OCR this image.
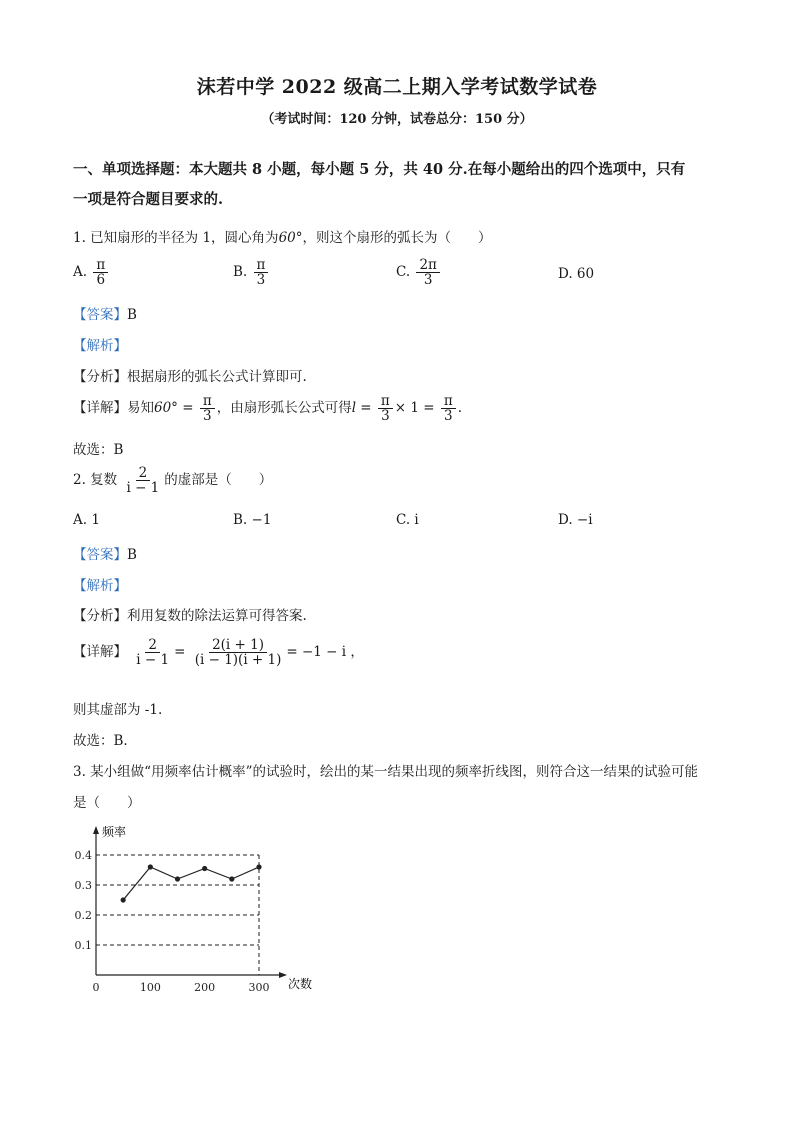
沫若中学 2022 级高二上期入学考试数学试卷
（考试时间：120 分钟，试卷总分：150 分）
一、单项选择题：本大题共 8 小题，每小题 5 分，共 40 分.在每小题给出的四个选项中，只有
一项是符合题目要求的.
1. 已知扇形的半径为 1，圆心角为60°，则这个扇形的弧长为（　　）
A. $\frac{\pi}{6}$	B. $\frac{\pi}{3}$	C. $\frac{2\pi}{3}$	D. 60
【答案】B
【解析】
【分析】根据扇形的弧长公式计算即可.
【详解】易知$60^\circ = \frac{\pi}{3}$ ，由扇形弧长公式可得$l = \frac{\pi}{3} \times 1 = \frac{\pi}{3}$ .
故选：B
2. 复数 $\frac{2}{i - 1}$ 的虚部是（　　）
A. 1	B. −1	C. i	D. −i
【答案】B
【解析】
【分析】利用复数的除法运算可得答案.
【详解】 $\frac{2}{i - 1} = \frac{2(i + 1)}{(i - 1)(i + 1)} = -1 - i$ ，
则其虚部为 -1.
故选：B.
3. 某小组做“用频率估计概率”的试验时，绘出的某一结果出现的频率折线图，则符合这一结果的试验可能
是（　　）
0.1
0.2
0.3
0.4
0	100	200	300
频率
次数
